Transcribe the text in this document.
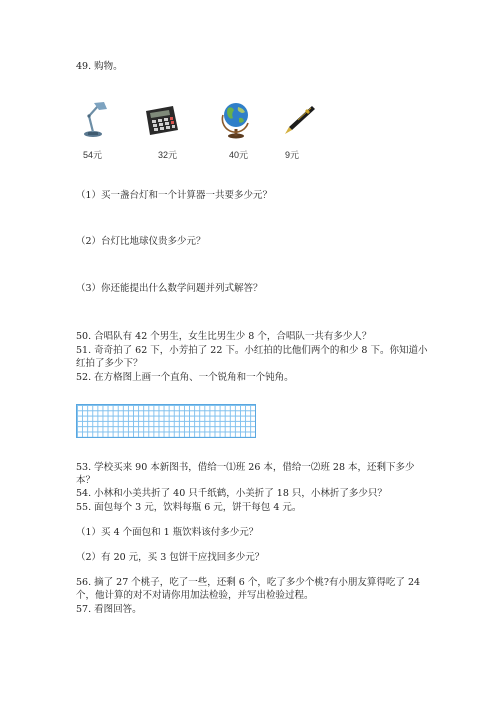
49. 购物。
54元	32元	40元	9元
（1）买一盏台灯和一个计算器一共要多少元？
（2）台灯比地球仪贵多少元？
（3）你还能提出什么数学问题并列式解答？
50. 合唱队有 42 个男生，女生比男生少 8 个，合唱队一共有多少人？
51. 奇奇拍了 62 下，小芳拍了 22 下。小红拍的比他们两个的和少 8 下。你知道小红拍了多少下？
52. 在方格图上画一个直角、一个锐角和一个钝角。
53. 学校买来 90 本新图书，借给一⑴班 26 本，借给一⑵班 28 本，还剩下多少本？
54. 小林和小美共折了 40 只千纸鹤，小美折了 18 只，小林折了多少只？
55. 面包每个 3 元，饮料每瓶 6 元，饼干每包 4 元。
（1）买 4 个面包和 1 瓶饮料该付多少元？
（2）有 20 元，买 3 包饼干应找回多少元？
56. 摘了 27 个桃子，吃了一些，还剩 6 个，吃了多少个桃?有小朋友算得吃了 24 个，他计算的对不对请你用加法检验，并写出检验过程。
57. 看图回答。
